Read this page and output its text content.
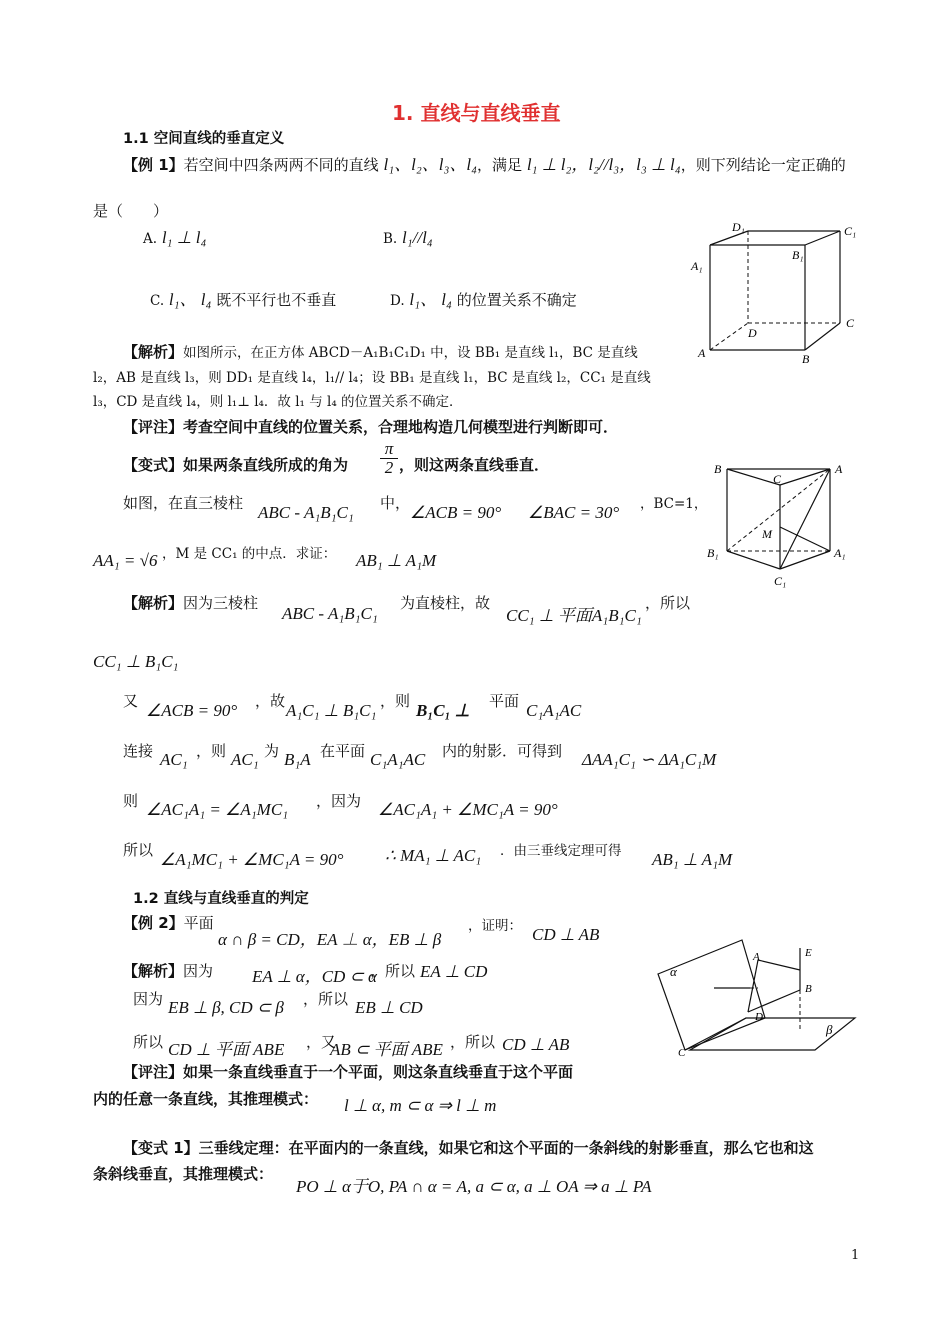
1. 直线与直线垂直
1.1 空间直线的垂直定义
【例 1】若空间中四条两两不同的直线 l₁、l₂、l₃、l₄，满足 l₁ ⊥ l₂，l₂//l₃，l₃ ⊥ l₄，则下列结论一定正确的
是（　　）
A. l₁ ⊥ l₄	B. l₁//l₄
C. l₁、 l₄ 既不平行也不垂直	D. l₁、 l₄ 的位置关系不确定
【解析】如图所示，在正方体 ABCD－A₁B₁C₁D₁ 中，设 BB₁ 是直线 l₁，BC 是直线
l₂，AB 是直线 l₃，则 DD₁ 是直线 l₄，l₁// l₄；设 BB₁ 是直线 l₁，BC 是直线 l₂，CC₁ 是直线
l₃，CD 是直线 l₄，则 l₁⊥ l₄．故 l₁ 与 l₄ 的位置关系不确定．
【评注】考查空间中直线的位置关系，合理地构造几何模型进行判断即可．
【变式】如果两条直线所成的角为 $\frac{\pi}{2}$ ，则这两条直线垂直．
如图，在直三棱柱 ABC - A₁B₁C₁ 中， ∠ACB = 90° ∠BAC = 30° ，BC=1，
AA₁ = √6 ，M 是 CC₁ 的中点．求证： AB₁ ⊥ A₁M
【解析】因为三棱柱
ABC - A₁B₁C₁
为直棱柱，故
CC₁ ⊥ 平面A₁B₁C₁
，所以
CC₁ ⊥ B₁C₁
又 ∠ACB = 90° ，故 A₁C₁ ⊥ B₁C₁ ，则 B₁C₁ ⊥ 平面 C₁A₁AC
连接 AC₁ ，则 AC₁ 为 B₁A 在平面 C₁A₁AC 内的射影．可得到 ΔAA₁C₁ ∽ ΔA₁C₁M
则 ∠AC₁A₁ = ∠A₁MC₁ ，因为 ∠AC₁A₁ + ∠MC₁A = 90°
所以 ∠A₁MC₁ + ∠MC₁A = 90° ∴ MA₁ ⊥ AC₁ ．由三垂线定理可得 AB₁ ⊥ A₁M
1.2 直线与直线垂直的判定
【例 2】平面
α ∩ β = CD，EA ⊥ α，EB ⊥ β
，证明： CD ⊥ AB
【解析】因为 EA ⊥ α，CD ⊂ α
，所以 EA ⊥ CD
因为 EB ⊥ β, CD ⊂ β ，所以 EB ⊥ CD
所以 CD ⊥ 平面 ABE ，又
AB ⊂ 平面 ABE ，所以 CD ⊥ AB
【评注】如果一条直线垂直于一个平面，则这条直线垂直于这个平面
内的任意一条直线，其推理模式： l ⊥ α, m ⊂ α ⇒ l ⊥ m
【变式 1】三垂线定理：在平面内的一条直线，如果它和这个平面的一条斜线的射影垂直，那么它也和这
条斜线垂直，其推理模式：
PO ⊥ α于O, PA ∩ α = A, a ⊂ α, a ⊥ OA ⇒ a ⊥ PA
1
D₁	C₁
B₁
A₁
C
D
A	B
B
C
A
M
B₁	A₁
C₁
α
β
E
A
B
D
C
